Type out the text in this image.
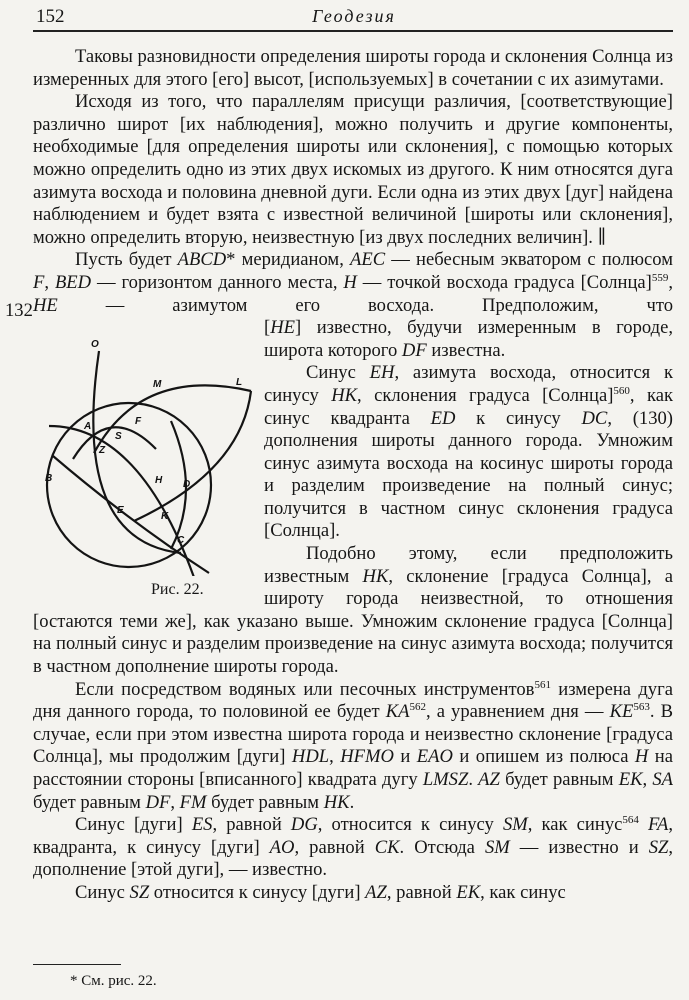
152	Геодезия
132

Таковы разновидности определения широты города и склонения Солнца из измеренных для этого [его] высот, [используемых] в сочетании с их азимутами.

Исходя из того, что параллелям присущи различия, [соответствующие] различно широт [их наблюдения], можно получить и другие компоненты, необходимые [для определения широты или склонения], с помощью которых можно определить одно из этих двух искомых из другого. К ним относятся дуга азимута восхода и половина дневной дуги. Если одна из этих двух [дуг] найдена наблюдением и будет взята с известной величиной [широты или склонения], можно определить вторую, неизвестную [из двух последних величин]. ∥

Пусть будет ABCD* меридианом, AEC — небесным экватором с полюсом F, BED — горизонтом данного места, H — точкой восхода градуса [Солнца]$^{559}$, HE — азимутом его восхода. Предположим, что [
O
M	L
A	F
S
Z
B	H D
E
K
C
Рис. 22.
HE] известно, будучи измеренным в городе, широта которого DF известна.

Синус EH, азимута восхода, относится к синусу HK, склонения градуса [Солнца]$^{560}$, как синус квадранта ED к синусу DC, (130) дополнения широты данного города. Умножим синус азимута восхода на косинус широты города и разделим произведение на полный синус; получится в частном синус склонения градуса [Солнца].

Подобно этому, если предположить известным HK, склонение [градуса Солнца], а широту города неизвестной, то отношения [остаются теми же], как указано выше. Умножим склонение градуса [Солнца] на полный синус и разделим произведение на синус азимута восхода; получится в частном дополнение широты города.

Если посредством водяных или песочных инструментов$^{561}$ измерена дуга дня данного города, то половиной ее будет KA$^{562}$, а уравнением дня — KE$^{563}$. В случае, если при этом известна широта города и неизвестно склонение [градуса Солнца], мы продолжим [дуги] HDL, HFMO и EAO и опишем из полюса H на расстоянии стороны [вписанного] квадрата дугу LMSZ. AZ будет равным EK, SA будет равным DF, FM будет равным HK.

Синус [дуги] ES, равной DG, относится к синусу SM, как синус$^{564}$ FA, квадранта, к синусу [дуги] AO, равной CK. Отсюда SM — известно и SZ, дополнение [этой дуги], — известно.

Синус SZ относится к синусу [дуги] AZ, равной EK, как синус

* См. рис. 22.
